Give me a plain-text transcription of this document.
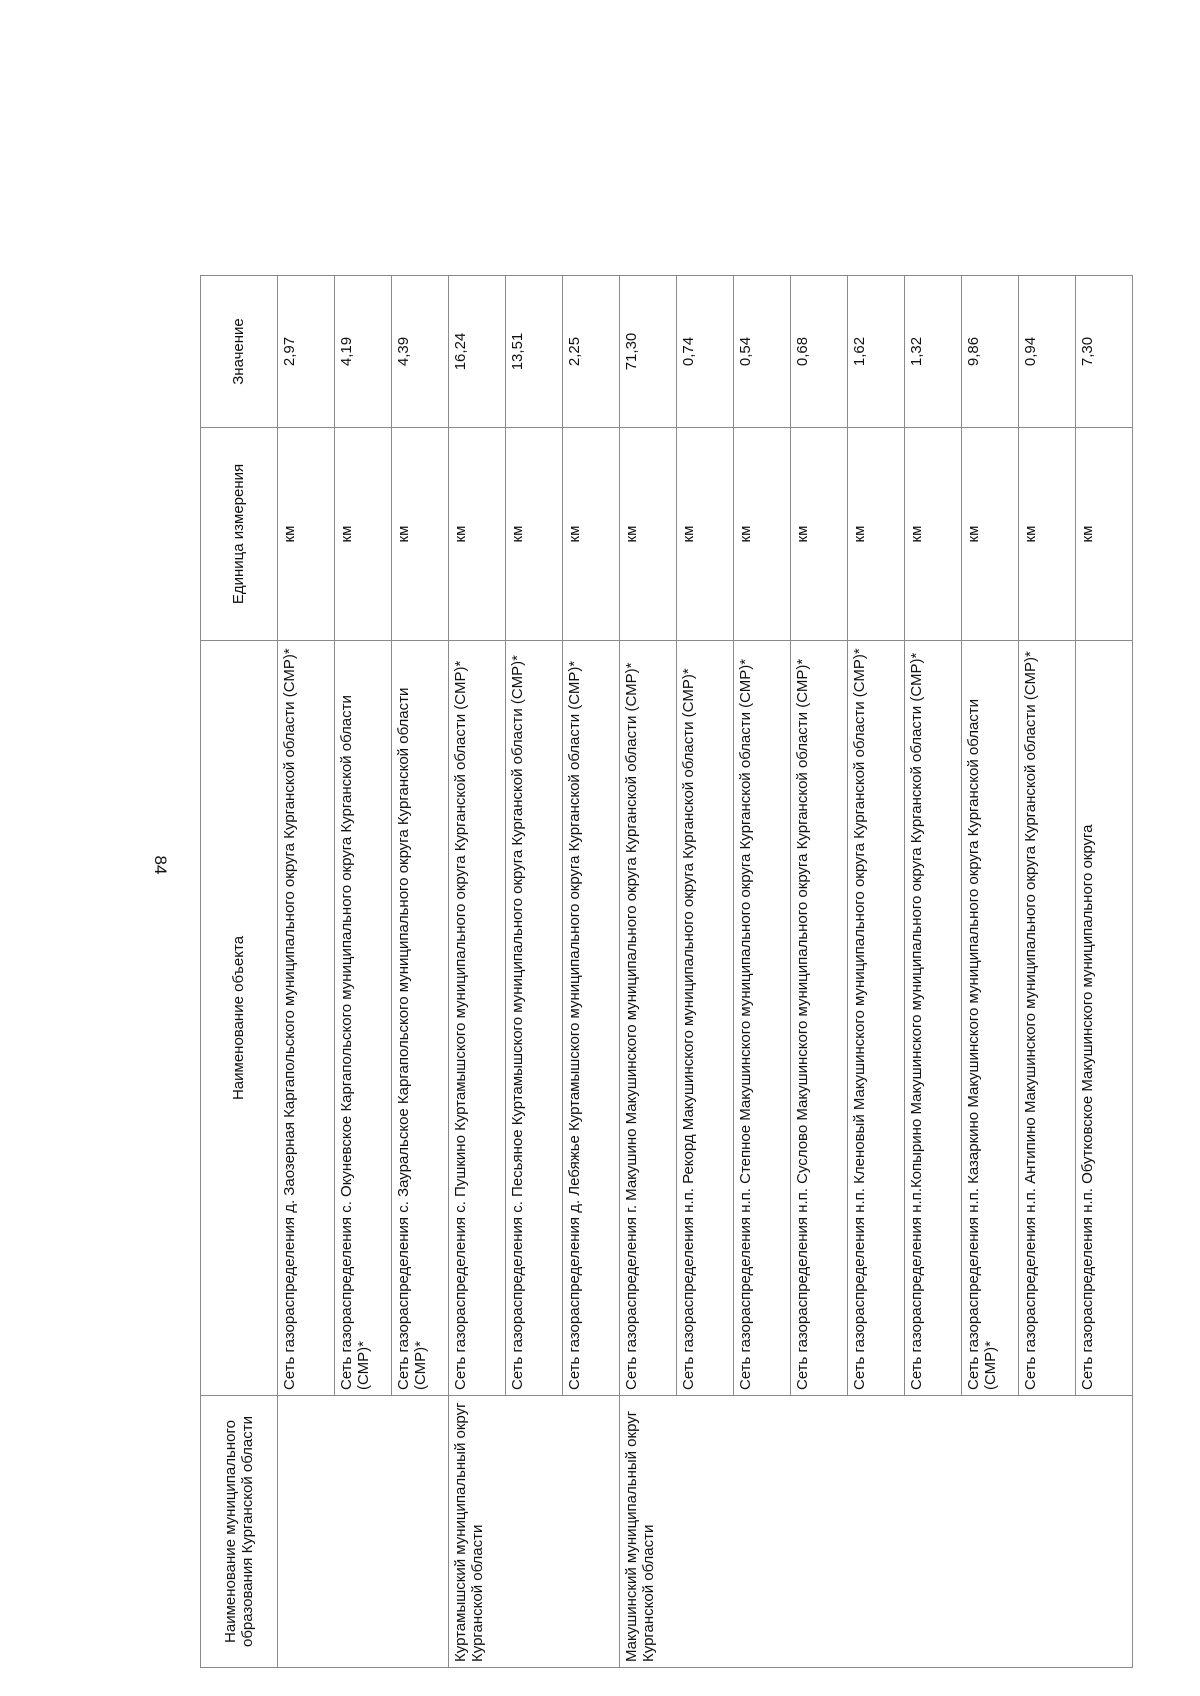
84
Наименование муниципального образования Курганской области	Наименование объекта	Единица измерения	Значение
	Сеть газораспределения д. Заозерная Каргапольского муниципального округа Курганской области (СМР)*	км	2,97
	Сеть газораспределения с. Окуневское Каргапольского муниципального округа Курганской области (СМР)*	км	4,19
	Сеть газораспределения с. Зауральское Каргапольского муниципального округа Курганской области (СМР)*	км	4,39
Куртамышский муниципальный округ Курганской области	Сеть газораспределения с. Пушкино Куртамышского муниципального округа Курганской области (СМР)*	км	16,24
	Сеть газораспределения с. Песьяное Куртамышского муниципального округа Курганской области (СМР)*	км	13,51
	Сеть газораспределения д. Лебяжье Куртамышского муниципального округа Курганской области (СМР)*	км	2,25
Макушинский муниципальный округ Курганской области	Сеть газораспределения г. Макушино Макушинского муниципального округа Курганской области (СМР)*	км	71,30
	Сеть газораспределения н.п. Рекорд Макушинского муниципального округа Курганской области (СМР)*	км	0,74
	Сеть газораспределения н.п. Степное Макушинского муниципального округа Курганской области (СМР)*	км	0,54
	Сеть газораспределения н.п. Суслово Макушинского муниципального округа Курганской области (СМР)*	км	0,68
	Сеть газораспределения н.п. Кленовый Макушинского муниципального округа Курганской области (СМР)*	км	1,62
	Сеть газораспределения н.п.Копырино Макушинского муниципального округа Курганской области (СМР)*	км	1,32
	Сеть газораспределения н.п. Казаркино Макушинского муниципального округа Курганской области (СМР)*	км	9,86
	Сеть газораспределения н.п. Антипино Макушинского муниципального округа Курганской области (СМР)*	км	0,94
	Сеть газораспределения н.п. Обутковское Макушинского муниципального округа	км	7,30
